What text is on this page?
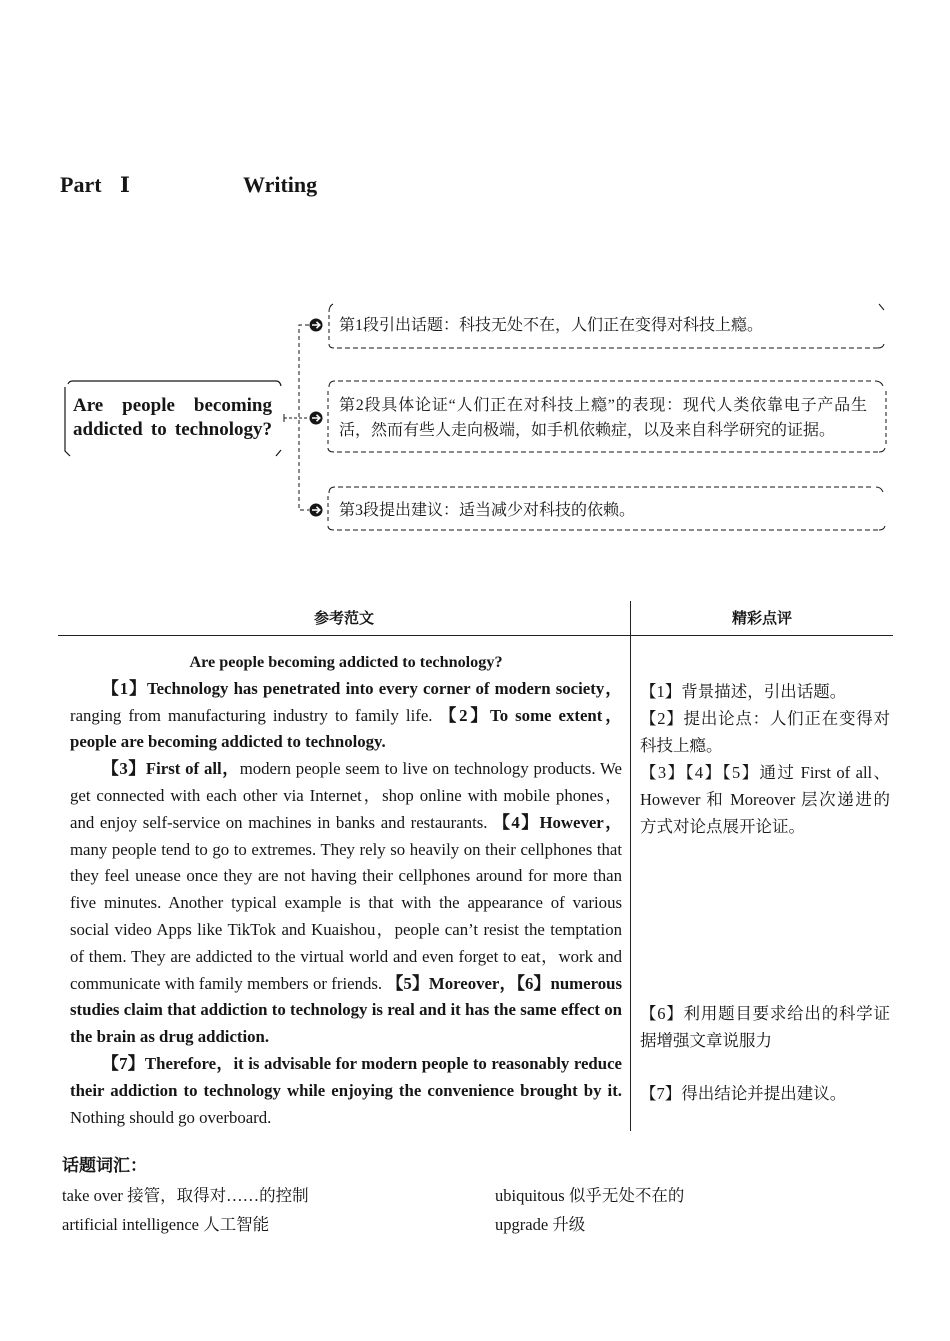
Part Ⅰ	Writing
Are people becoming addicted to technology?
第1段引出话题：科技无处不在，人们正在变得对科技上瘾。
第2段具体论证“人们正在对科技上瘾”的表现：现代人类依靠电子产品生活，然而有些人走向极端，如手机依赖症，以及来自科学研究的证据。
第3段提出建议：适当减少对科技的依赖。
参考范文	精彩点评
Are people becoming addicted to technology?

【1】Technology has penetrated into every corner of modern society，ranging from manufacturing industry to family life. 【2】To some extent，people are becoming addicted to technology.

【3】First of all，modern people seem to live on technology products. We get connected with each other via Internet，shop online with mobile phones，and enjoy self-service on machines in banks and restaurants. 【4】However，many people tend to go to extremes. They rely so heavily on their cellphones that they feel unease once they are not having their cellphones around for more than five minutes. Another typical example is that with the appearance of various social video Apps like TikTok and Kuaishou，people can’t resist the temptation of them. They are addicted to the virtual world and even forget to eat，work and communicate with family members or friends. 【5】Moreover，【6】numerous studies claim that addiction to technology is real and it has the same effect on the brain as drug addiction.

【7】Therefore，it is advisable for modern people to reasonably reduce their addiction to technology while enjoying the convenience brought by it. Nothing should go overboard.

【1】背景描述，引出话题。
【2】提出论点：人们正在变得对科技上瘾。
【3】【4】【5】通过 First of all、However 和 Moreover 层次递进的方式对论点展开论证。
【6】利用题目要求给出的科学证据增强文章说服力
【7】得出结论并提出建议。
话题词汇：
take over 接管，取得对……的控制	ubiquitous 似乎无处不在的
artificial intelligence 人工智能	upgrade 升级
